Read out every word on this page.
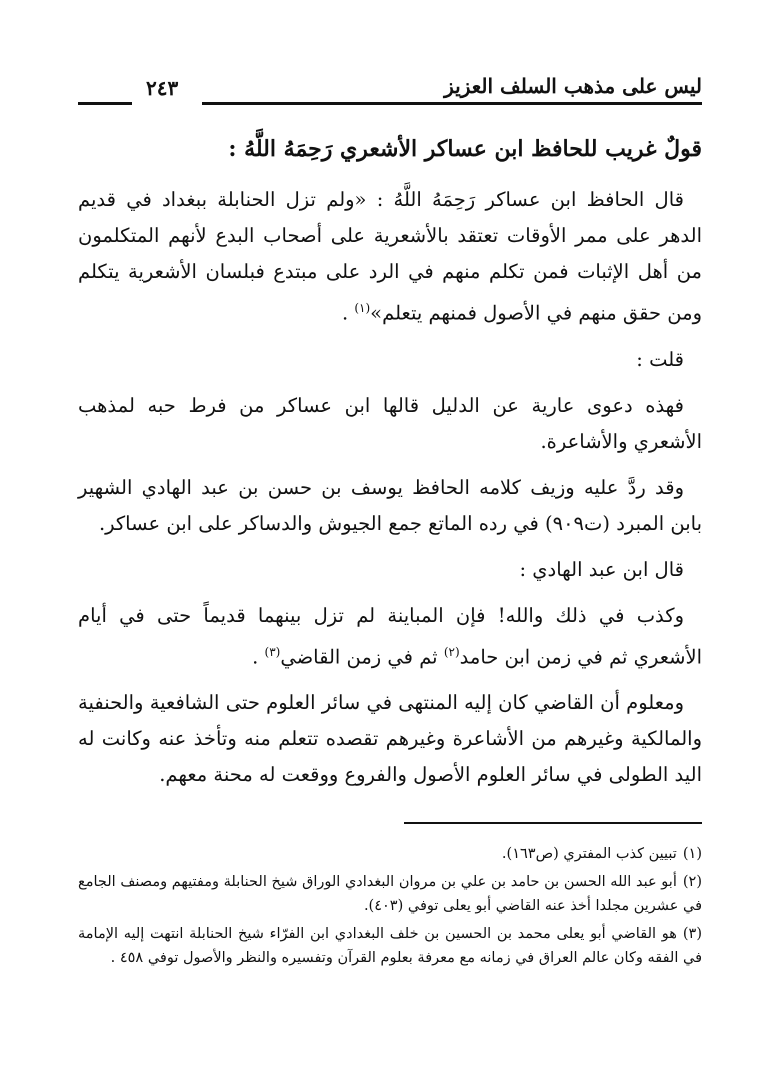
٢٤٣	ليس على مذهب السلف العزيز

قولٌ غريب للحافظ ابن عساكر الأشعري رَحِمَهُ اللَّهُ :

قال الحافظ ابن عساكر رَحِمَهُ اللَّهُ : «ولم تزل الحنابلة ببغداد في قديم الدهر على ممر الأوقات تعتقد بالأشعرية على أصحاب البدع لأنهم المتكلمون من أهل الإثبات فمن تكلم منهم في الرد على مبتدع فبلسان الأشعرية يتكلم ومن حقق منهم في الأصول فمنهم يتعلم»$^{(١)}$ .

قلت :

فهذه دعوى عارية عن الدليل قالها ابن عساكر من فرط حبه لمذهب الأشعري والأشاعرة.

وقد ردَّ عليه وزيف كلامه الحافظ يوسف بن حسن بن عبد الهادي الشهير بابن المبرد (ت٩٠٩) في رده الماتع جمع الجيوش والدساكر على ابن عساكر.

قال ابن عبد الهادي :

وكذب في ذلك والله! فإن المباينة لم تزل بينهما قديماً حتى في أيام الأشعري ثم في زمن ابن حامد$^{(٢)}$ ثم في زمن القاضي$^{(٣)}$ .

ومعلوم أن القاضي كان إليه المنتهى في سائر العلوم حتى الشافعية والحنفية والمالكية وغيرهم من الأشاعرة وغيرهم تقصده تتعلم منه وتأخذ عنه وكانت له اليد الطولى في سائر العلوم الأصول والفروع ووقعت له محنة معهم.

(١)تبيين كذب المفتري (ص١٦٣).

(٢)أبو عبد الله الحسن بن حامد بن علي بن مروان البغدادي الوراق شيخ الحنابلة ومفتيهم ومصنف الجامع في عشرين مجلدا أخذ عنه القاضي أبو يعلى توفي (٤٠٣).

(٣)هو القاضي أبو يعلى محمد بن الحسين بن خلف البغدادي ابن الفرّاء شيخ الحنابلة انتهت إليه الإمامة في الفقه وكان عالم العراق في زمانه مع معرفة بعلوم القرآن وتفسيره والنظر والأصول توفي ٤٥٨ .
